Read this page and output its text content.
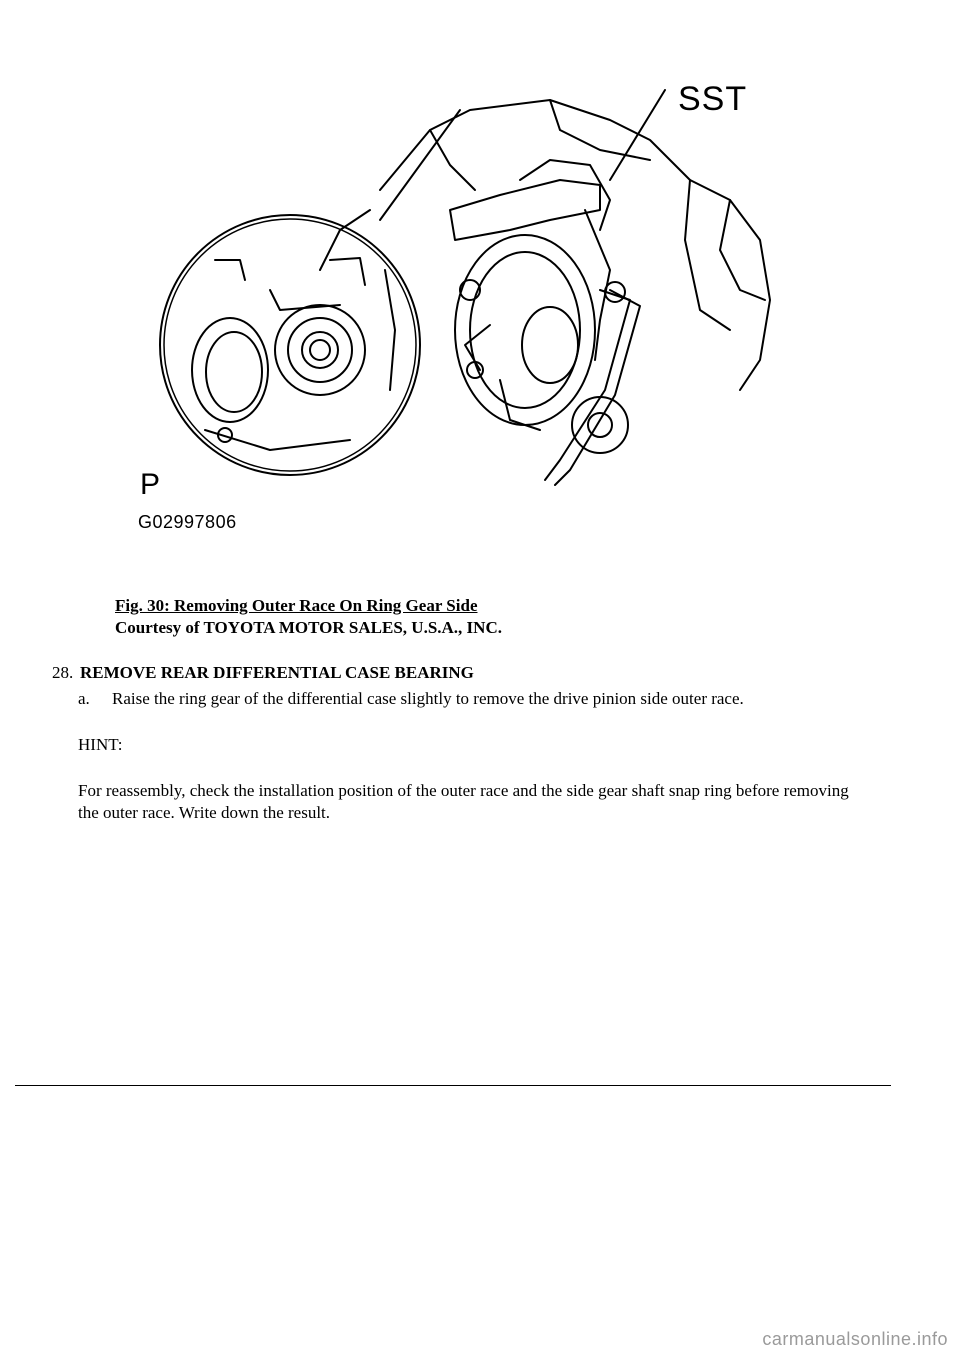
SST
P
G02997806
Fig. 30: Removing Outer Race On Ring Gear Side
Courtesy of TOYOTA MOTOR SALES, U.S.A., INC.
28. REMOVE REAR DIFFERENTIAL CASE BEARING
a. Raise the ring gear of the differential case slightly to remove the drive pinion side outer race.
HINT:
For reassembly, check the installation position of the outer race and the side gear shaft snap ring before removing the outer race. Write down the result.
carmanualsonline.info
